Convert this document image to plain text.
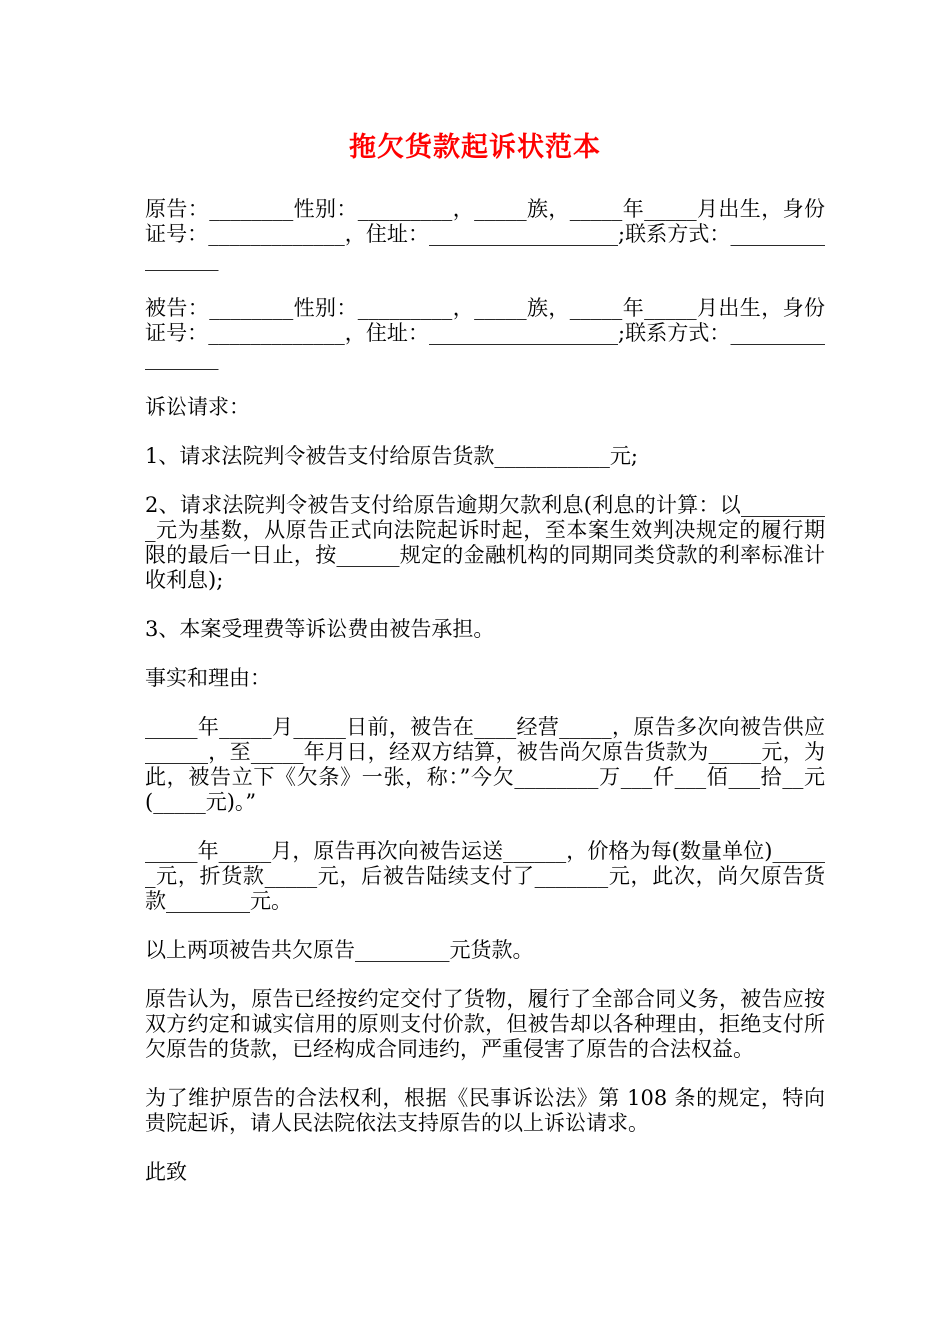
拖欠货款起诉状范本

原告：________性别：_________，_____族，_____年_____月出生，身份证号：_____________，住址：__________________;联系方式：________________

被告：________性别：_________，_____族，_____年_____月出生，身份证号：_____________，住址：__________________;联系方式：________________

诉讼请求：

1、请求法院判令被告支付给原告货款___________元;

2、请求法院判令被告支付给原告逾期欠款利息(利息的计算：以_________元为基数，从原告正式向法院起诉时起，至本案生效判决规定的履行期限的最后一日止，按______规定的金融机构的同期同类贷款的利率标准计收利息);

3、本案受理费等诉讼费由被告承担。

事实和理由：

_____年_____月_____日前，被告在____经营_____，原告多次向被告供应______，至_____年月日，经双方结算，被告尚欠原告货款为_____元，为此，被告立下《欠条》一张，称：”今欠________万___仟___佰___拾__元(_____元)。”

_____年_____月，原告再次向被告运送______，价格为每(数量单位)______元，折货款_____元，后被告陆续支付了_______元，此次，尚欠原告货款________元。

以上两项被告共欠原告_________元货款。

原告认为，原告已经按约定交付了货物，履行了全部合同义务，被告应按双方约定和诚实信用的原则支付价款，但被告却以各种理由，拒绝支付所欠原告的货款，已经构成合同违约，严重侵害了原告的合法权益。

为了维护原告的合法权利，根据《民事诉讼法》第 108 条的规定，特向贵院起诉，请人民法院依法支持原告的以上诉讼请求。

此致
